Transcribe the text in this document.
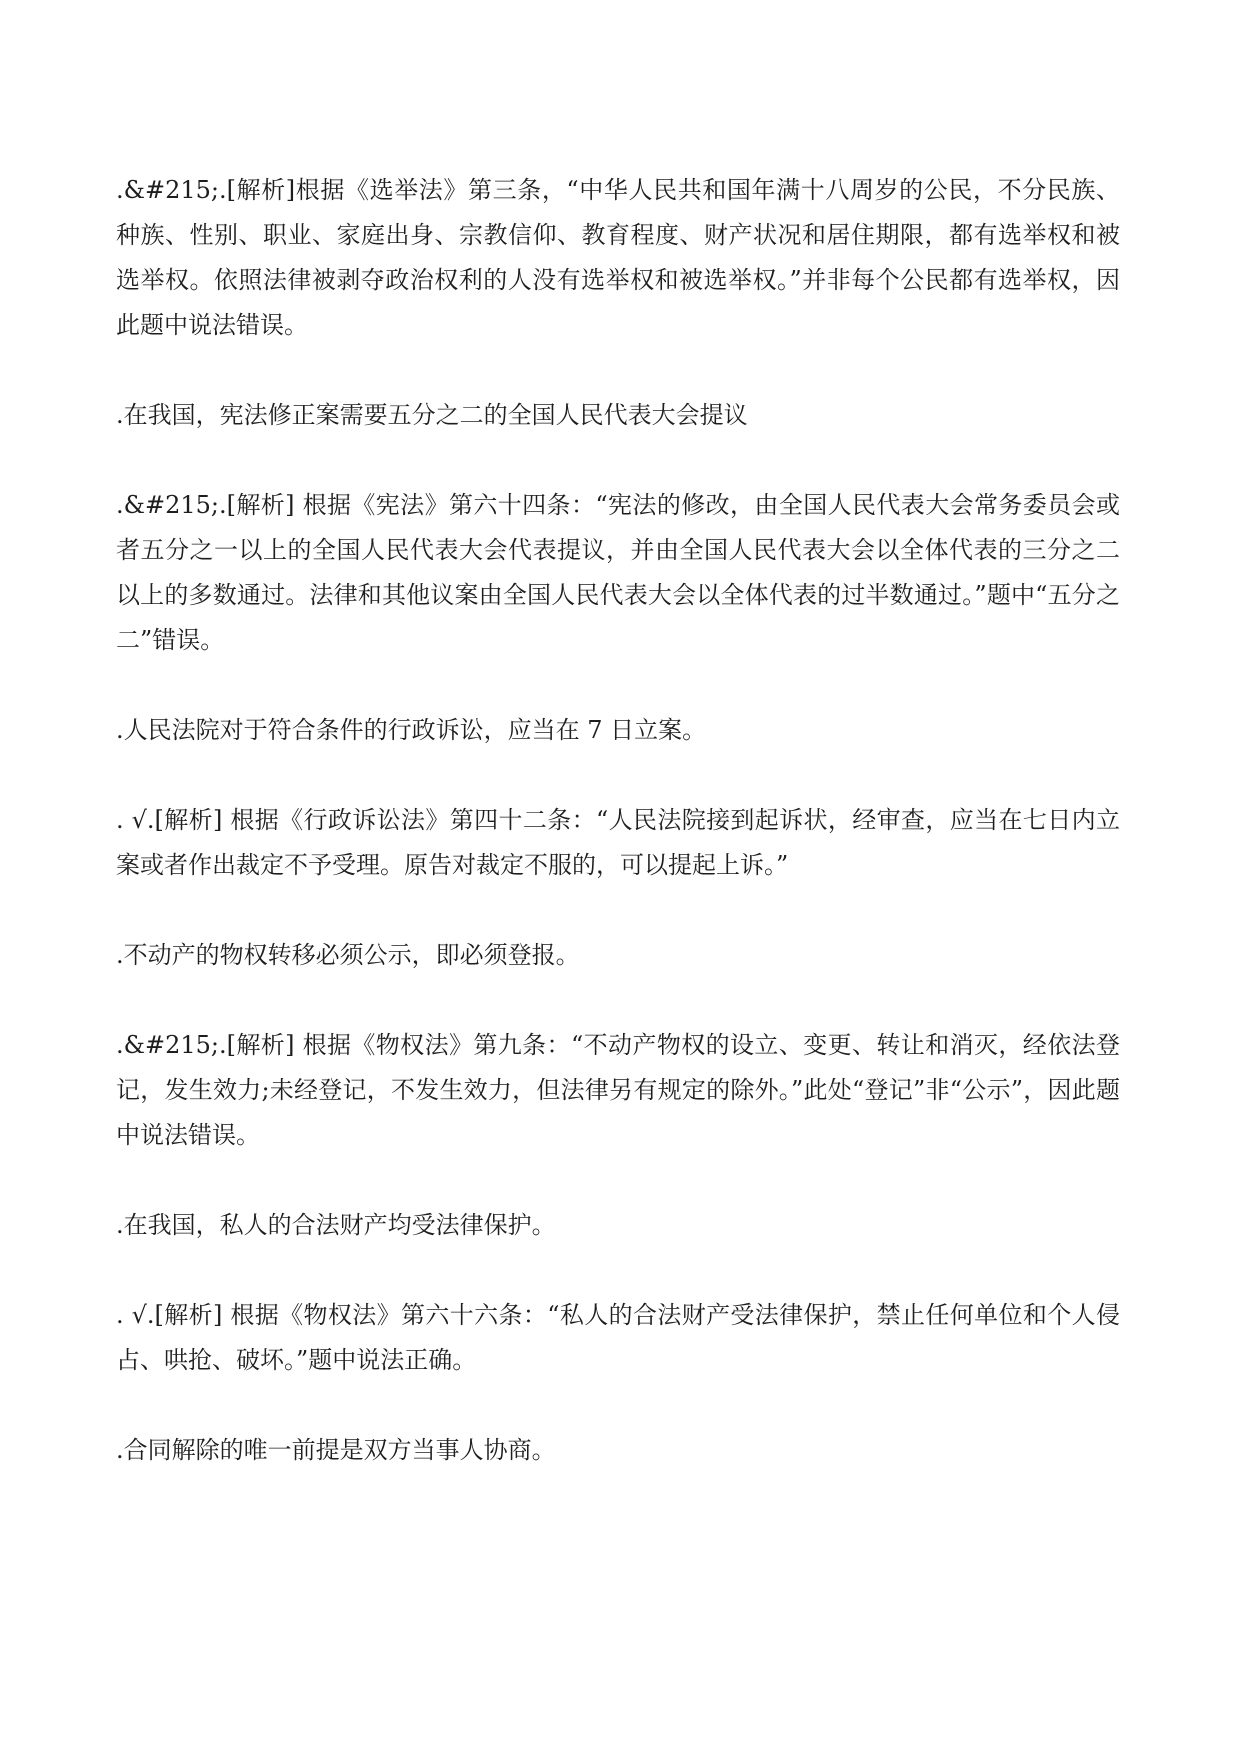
.&#215;.[解析]根据《选举法》第三条，“中华人民共和国年满十八周岁的公民，不分民族、种族、性别、职业、家庭出身、宗教信仰、教育程度、财产状况和居住期限，都有选举权和被选举权。依照法律被剥夺政治权利的人没有选举权和被选举权。”并非每个公民都有选举权，因此题中说法错误。

.在我国，宪法修正案需要五分之二的全国人民代表大会提议

.&#215;.[解析] 根据《宪法》第六十四条：“宪法的修改，由全国人民代表大会常务委员会或者五分之一以上的全国人民代表大会代表提议，并由全国人民代表大会以全体代表的三分之二以上的多数通过。法律和其他议案由全国人民代表大会以全体代表的过半数通过。”题中“五分之二”错误。

.人民法院对于符合条件的行政诉讼，应当在 7 日立案。

. √.[解析] 根据《行政诉讼法》第四十二条：“人民法院接到起诉状，经审查，应当在七日内立案或者作出裁定不予受理。原告对裁定不服的，可以提起上诉。”

.不动产的物权转移必须公示，即必须登报。

.&#215;.[解析] 根据《物权法》第九条：“不动产物权的设立、变更、转让和消灭，经依法登记，发生效力;未经登记，不发生效力，但法律另有规定的除外。”此处“登记”非“公示”，因此题中说法错误。

.在我国，私人的合法财产均受法律保护。

. √.[解析] 根据《物权法》第六十六条：“私人的合法财产受法律保护，禁止任何单位和个人侵占、哄抢、破坏。”题中说法正确。

.合同解除的唯一前提是双方当事人协商。
